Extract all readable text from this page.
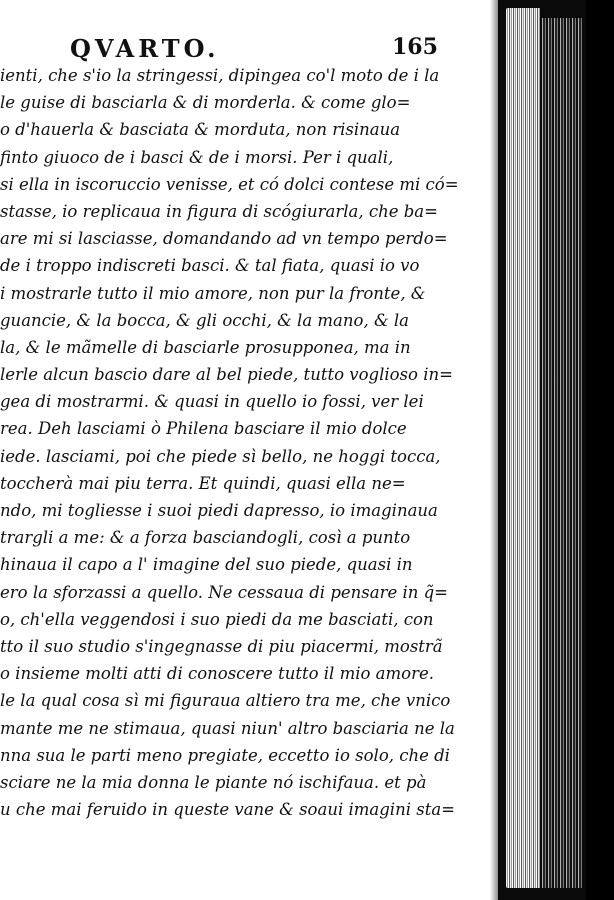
QVARTO.	165
ienti, che s'io la stringessi, dipingea co'l moto de i la
le guise di basciarla & di morderla. & come glo=
o d'hauerla & basciata & morduta, non risinaua
finto giuoco de i basci & de i morsi. Per i quali,
si ella in iscoruccio venisse, et có dolci contese mi có=
stasse, io replicaua in figura di scógiurarla, che ba=
are mi si lasciasse, domandando ad vn tempo perdo=
de i troppo indiscreti basci. & tal fiata, quasi io vo
i mostrarle tutto il mio amore, non pur la fronte, &
guancie, & la bocca, & gli occhi, & la mano, & la
la, & le mãmelle di basciarle prosupponea, ma in
lerle alcun bascio dare al bel piede, tutto voglioso in=
gea di mostrarmi. & quasi in quello io fossi, ver lei
rea. Deh lasciami ò Philena basciare il mio dolce
iede. lasciami, poi che piede sì bello, ne hoggi tocca,
toccherà mai piu terra. Et quindi, quasi ella ne=
ndo, mi togliesse i suoi piedi dapresso, io imaginaua
trargli a me: & a forza basciandogli, così a punto
hinaua il capo a l' imagine del suo piede, quasi in
ero la sforzassi a quello. Ne cessaua di pensare in q̃=
o, ch'ella veggendosi i suo piedi da me basciati, con
tto il suo studio s'ingegnasse di piu piacermi, mostrã
o insieme molti atti di conoscere tutto il mio amore.
le la qual cosa sì mi figuraua altiero tra me, che vnico
mante me ne stimaua, quasi niun' altro basciaria ne la
nna sua le parti meno pregiate, eccetto io solo, che di
sciare ne la mia donna le piante nó ischifaua. et pà
u che mai feruido in queste vane & soaui imagini sta=
